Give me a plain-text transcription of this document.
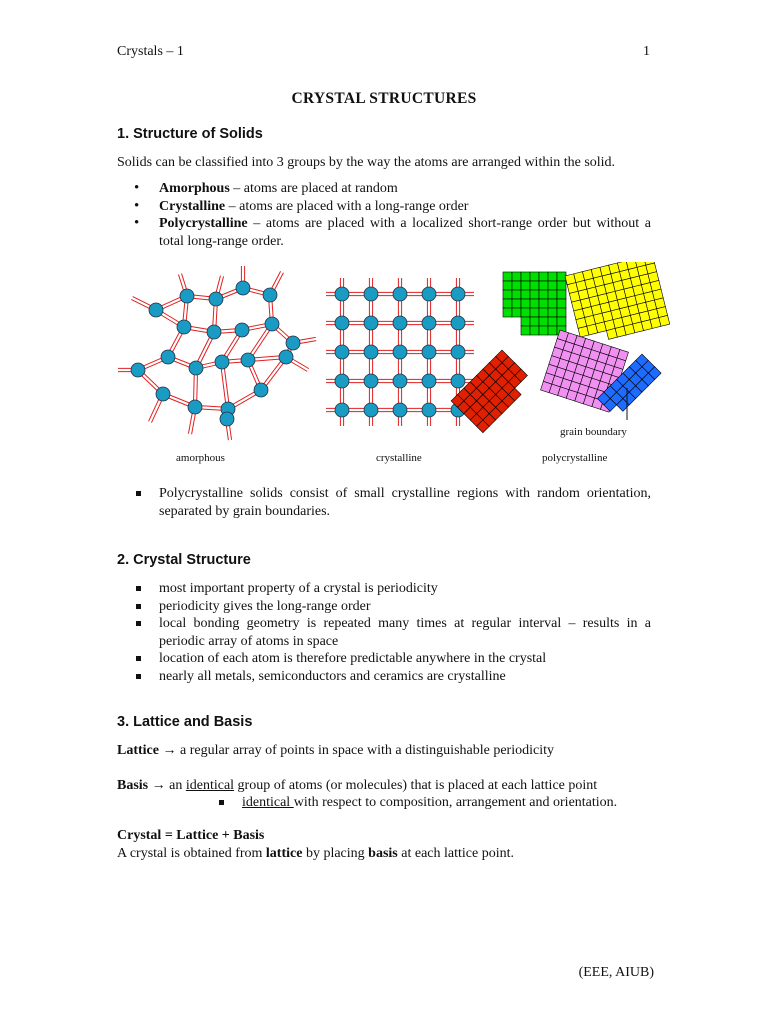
Crystals – 1	1
CRYSTAL STRUCTURES
1. Structure of Solids
Solids can be classified into 3 groups by the way the atoms are arranged within the solid.
• Amorphous – atoms are placed at random
• Crystalline – atoms are placed with a long-range order
• Polycrystalline – atoms are placed with a localized short-range order but without a total long-range order.
grain boundary
amorphous	crystalline	polycrystalline
Polycrystalline solids consist of small crystalline regions with random orientation, separated by grain boundaries.
2. Crystal Structure
most important property of a crystal is periodicity
periodicity gives the long-range order
local bonding geometry is repeated many times at regular interval – results in a periodic array of atoms in space
location of each atom is therefore predictable anywhere in the crystal
nearly all metals, semiconductors and ceramics are crystalline
3. Lattice and Basis
Lattice → a regular array of points in space with a distinguishable periodicity
Basis → an identical group of atoms (or molecules) that is placed at each lattice point
identical with respect to composition, arrangement and orientation.
Crystal = Lattice + Basis
A crystal is obtained from lattice by placing basis at each lattice point.
(EEE, AIUB)
